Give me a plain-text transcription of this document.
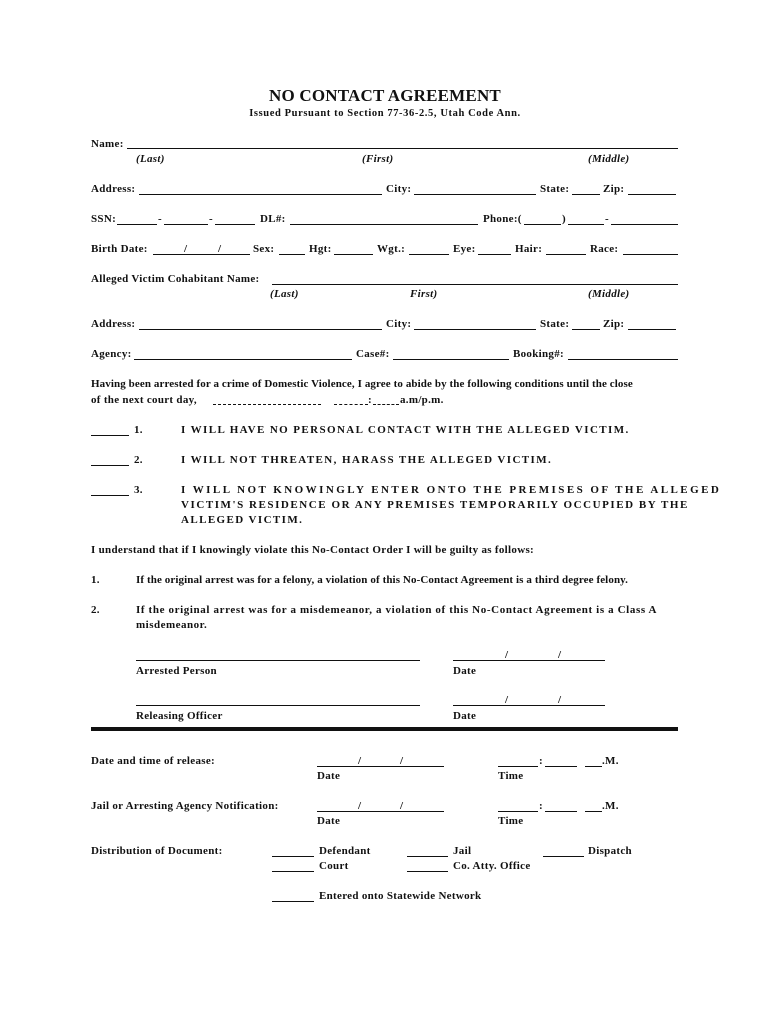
NO CONTACT AGREEMENT
Issued Pursuant to Section 77-36-2.5, Utah Code Ann.
Name:
(Last)	(First)	(Middle)
Address:	City:	State:	Zip:
SSN:	-	-	DL#:	Phone:(	)	-
Birth Date:	/	/	Sex:	Hgt:	Wgt.:	Eye:	Hair:	Race:
Alleged Victim Cohabitant Name:
(Last)	First)	(Middle)
Address:	City:	State:	Zip:
Agency:	Case#:	Booking#:
Having been arrested for a crime of Domestic Violence, I agree to abide by the following conditions until the close
of the next court day,	:	a.m/p.m.
1.	I WILL HAVE NO PERSONAL CONTACT WITH THE ALLEGED VICTIM.
2.	I WILL NOT THREATEN, HARASS THE ALLEGED VICTIM.
3.	I WILL NOT KNOWINGLY ENTER ONTO THE PREMISES OF THE ALLEGED
VICTIM'S RESIDENCE OR ANY PREMISES TEMPORARILY OCCUPIED BY THE
ALLEGED VICTIM.
I understand that if I knowingly violate this No-Contact Order I will be guilty as follows:
1.	If the original arrest was for a felony, a violation of this No-Contact Agreement is a third degree felony.
2.	If the original arrest was for a misdemeanor, a violation of this No-Contact Agreement is a Class A
misdemeanor.
Arrested Person
/	/
Date
Releasing Officer
/	/
Date
Date and time of release:	/	/
Date
:	.M.
Time
Jail or Arresting Agency Notification:	/	/
Date
:	.M.
Time
Distribution of Document:	Defendant	Jail	Dispatch
Court	Co. Atty. Office
Entered onto Statewide Network
